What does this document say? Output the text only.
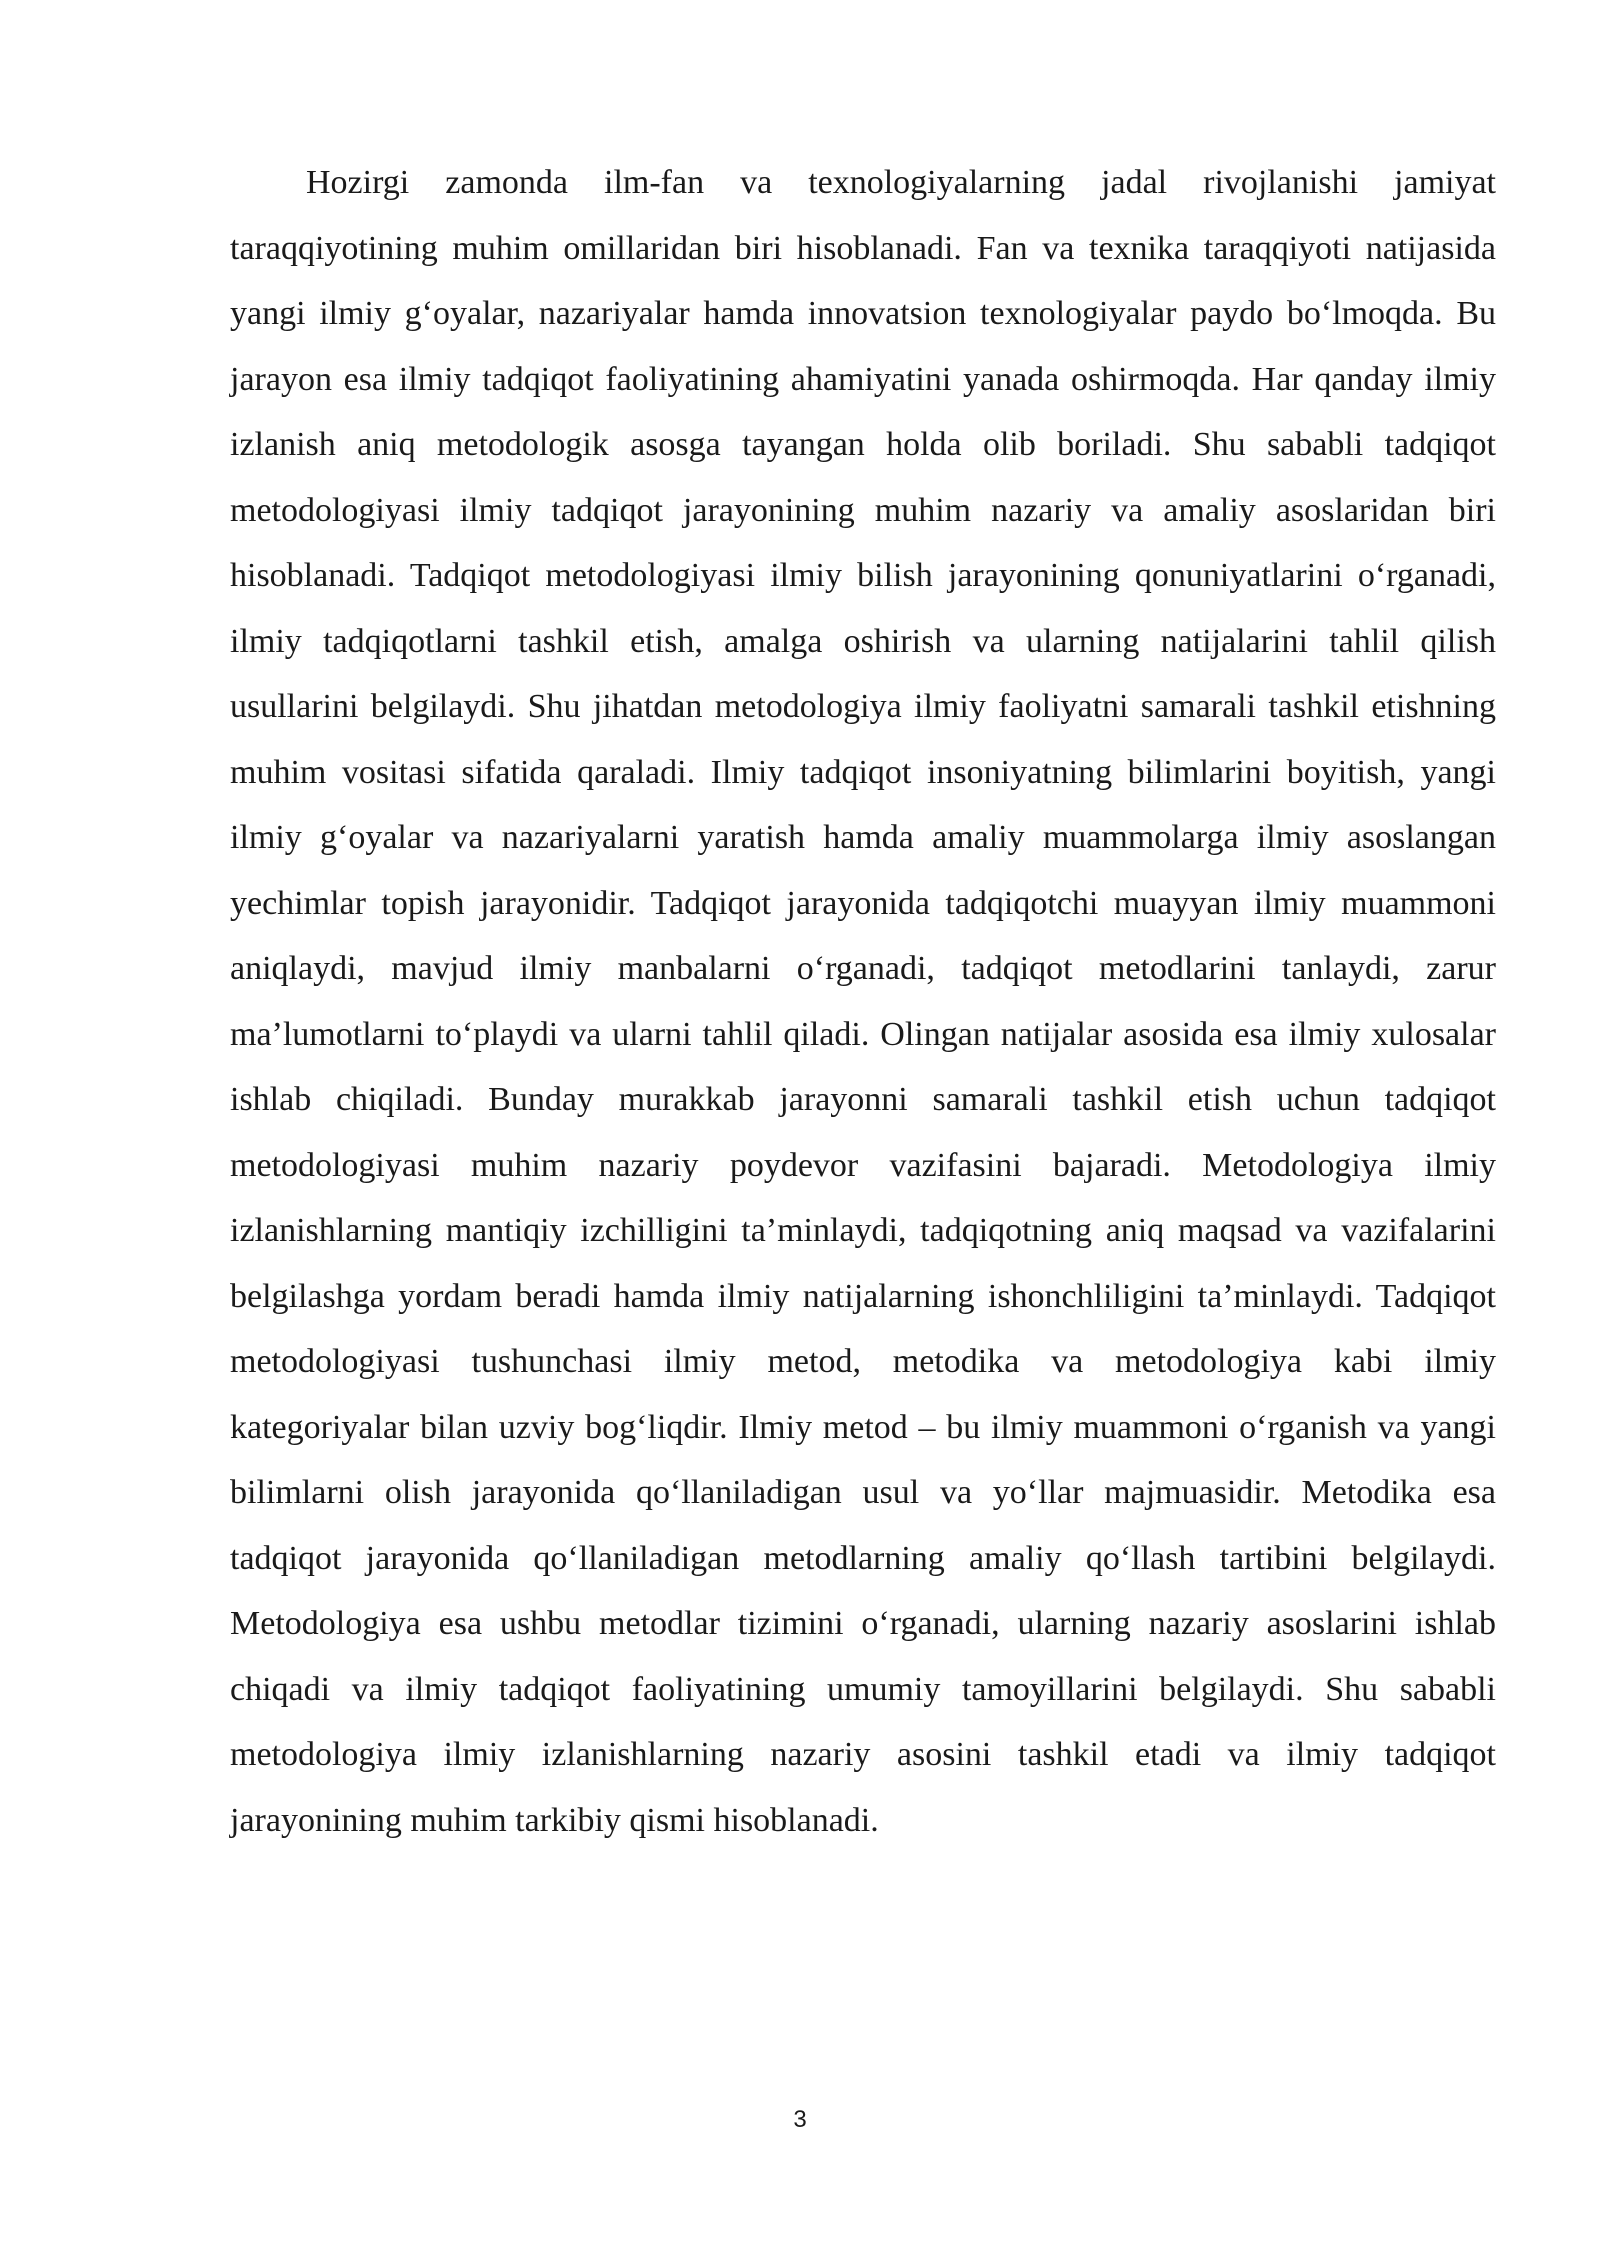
Hozirgi zamonda ilm-fan va texnologiyalarning jadal rivojlanishi jamiyat taraqqiyotining muhim omillaridan biri hisoblanadi. Fan va texnika taraqqiyoti natijasida yangi ilmiy g‘oyalar, nazariyalar hamda innovatsion texnologiyalar paydo bo‘lmoqda. Bu jarayon esa ilmiy tadqiqot faoliyatining ahamiyatini yanada oshirmoqda. Har qanday ilmiy izlanish aniq metodologik asosga tayangan holda olib boriladi. Shu sababli tadqiqot metodologiyasi ilmiy tadqiqot jarayonining muhim nazariy va amaliy asoslaridan biri hisoblanadi. Tadqiqot metodologiyasi ilmiy bilish jarayonining qonuniyatlarini o‘rganadi, ilmiy tadqiqotlarni tashkil etish, amalga oshirish va ularning natijalarini tahlil qilish usullarini belgilaydi. Shu jihatdan metodologiya ilmiy faoliyatni samarali tashkil etishning muhim vositasi sifatida qaraladi. Ilmiy tadqiqot insoniyatning bilimlarini boyitish, yangi ilmiy g‘oyalar va nazariyalarni yaratish hamda amaliy muammolarga ilmiy asoslangan yechimlar topish jarayonidir. Tadqiqot jarayonida tadqiqotchi muayyan ilmiy muammoni aniqlaydi, mavjud ilmiy manbalarni o‘rganadi, tadqiqot metodlarini tanlaydi, zarur ma’lumotlarni to‘playdi va ularni tahlil qiladi. Olingan natijalar asosida esa ilmiy xulosalar ishlab chiqiladi. Bunday murakkab jarayonni samarali tashkil etish uchun tadqiqot metodologiyasi muhim nazariy poydevor vazifasini bajaradi. Metodologiya ilmiy izlanishlarning mantiqiy izchilligini ta’minlaydi, tadqiqotning aniq maqsad va vazifalarini belgilashga yordam beradi hamda ilmiy natijalarning ishonchliligini ta’minlaydi. Tadqiqot metodologiyasi tushunchasi ilmiy metod, metodika va metodologiya kabi ilmiy kategoriyalar bilan uzviy bog‘liqdir. Ilmiy metod – bu ilmiy muammoni o‘rganish va yangi bilimlarni olish jarayonida qo‘llaniladigan usul va yo‘llar majmuasidir. Metodika esa tadqiqot jarayonida qo‘llaniladigan metodlarning amaliy qo‘llash tartibini belgilaydi. Metodologiya esa ushbu metodlar tizimini o‘rganadi, ularning nazariy asoslarini ishlab chiqadi va ilmiy tadqiqot faoliyatining umumiy tamoyillarini belgilaydi. Shu sababli metodologiya ilmiy izlanishlarning nazariy asosini tashkil etadi va ilmiy tadqiqot jarayonining muhim tarkibiy qismi hisoblanadi.

3
